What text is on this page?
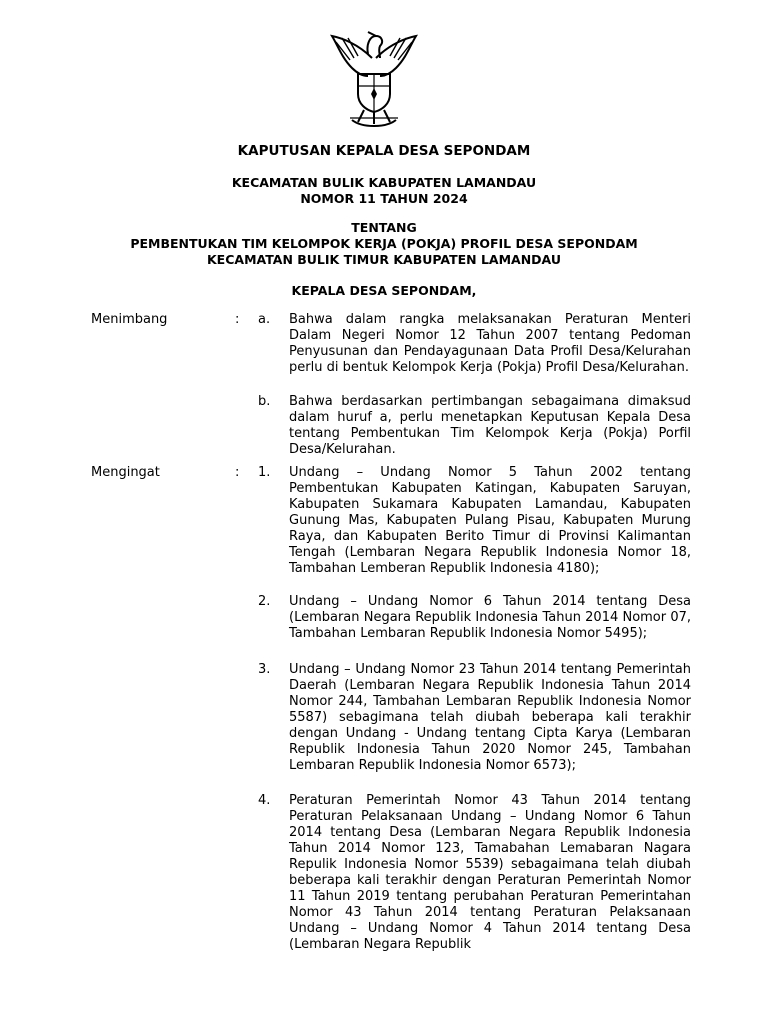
KAPUTUSAN KEPALA DESA SEPONDAM

KECAMATAN BULIK KABUPATEN LAMANDAU

NOMOR 11 TAHUN 2024

TENTANG

PEMBENTUKAN TIM KELOMPOK KERJA (POKJA) PROFIL DESA SEPONDAM

KECAMATAN BULIK TIMUR KABUPATEN LAMANDAU

KEPALA DESA SEPONDAM,

Menimbang	: a. Bahwa dalam rangka melaksanakan Peraturan Menteri Dalam Negeri Nomor 12 Tahun 2007 tentang Pedoman Penyusunan dan Pendayagunaan Data Profil Desa/Kelurahan perlu di bentuk Kelompok Kerja (Pokja) Profil Desa/Kelurahan.

b. Bahwa berdasarkan pertimbangan sebagaimana dimaksud dalam huruf a, perlu menetapkan Keputusan Kepala Desa tentang Pembentukan Tim Kelompok Kerja (Pokja) Porfil Desa/Kelurahan.

Mengingat	: 1. Undang – Undang Nomor 5 Tahun 2002 tentang Pembentukan Kabupaten Katingan, Kabupaten Saruyan, Kabupaten Sukamara Kabupaten Lamandau, Kabupaten Gunung Mas, Kabupaten Pulang Pisau, Kabupaten Murung Raya, dan Kabupaten Berito Timur di Provinsi Kalimantan Tengah (Lembaran Negara Republik Indonesia Nomor 18, Tambahan Lemberan Republik Indonesia 4180);

2. Undang – Undang Nomor 6 Tahun 2014 tentang Desa (Lembaran Negara Republik Indonesia Tahun 2014 Nomor 07, Tambahan Lembaran Republik Indonesia Nomor 5495);

3. Undang – Undang Nomor 23 Tahun 2014 tentang Pemerintah Daerah (Lembaran Negara Republik Indonesia Tahun 2014 Nomor 244, Tambahan Lembaran Republik Indonesia Nomor 5587) sebagimana telah diubah beberapa kali terakhir dengan Undang - Undang tentang Cipta Karya (Lembaran Republik Indonesia Tahun 2020 Nomor 245, Tambahan Lembaran Republik Indonesia Nomor 6573);

4. Peraturan Pemerintah Nomor 43 Tahun 2014 tentang Peraturan Pelaksanaan Undang – Undang Nomor 6 Tahun 2014 tentang Desa (Lembaran Negara Republik Indonesia Tahun 2014 Nomor 123, Tamabahan Lemabaran Nagara Repulik Indonesia Nomor 5539) sebagaimana telah diubah beberapa kali terakhir dengan Peraturan Pemerintah Nomor 11 Tahun 2019 tentang perubahan Peraturan Pemerintahan Nomor 43 Tahun 2014 tentang Peraturan Pelaksanaan Undang – Undang Nomor 4 Tahun 2014 tentang Desa (Lembaran Negara Republik
